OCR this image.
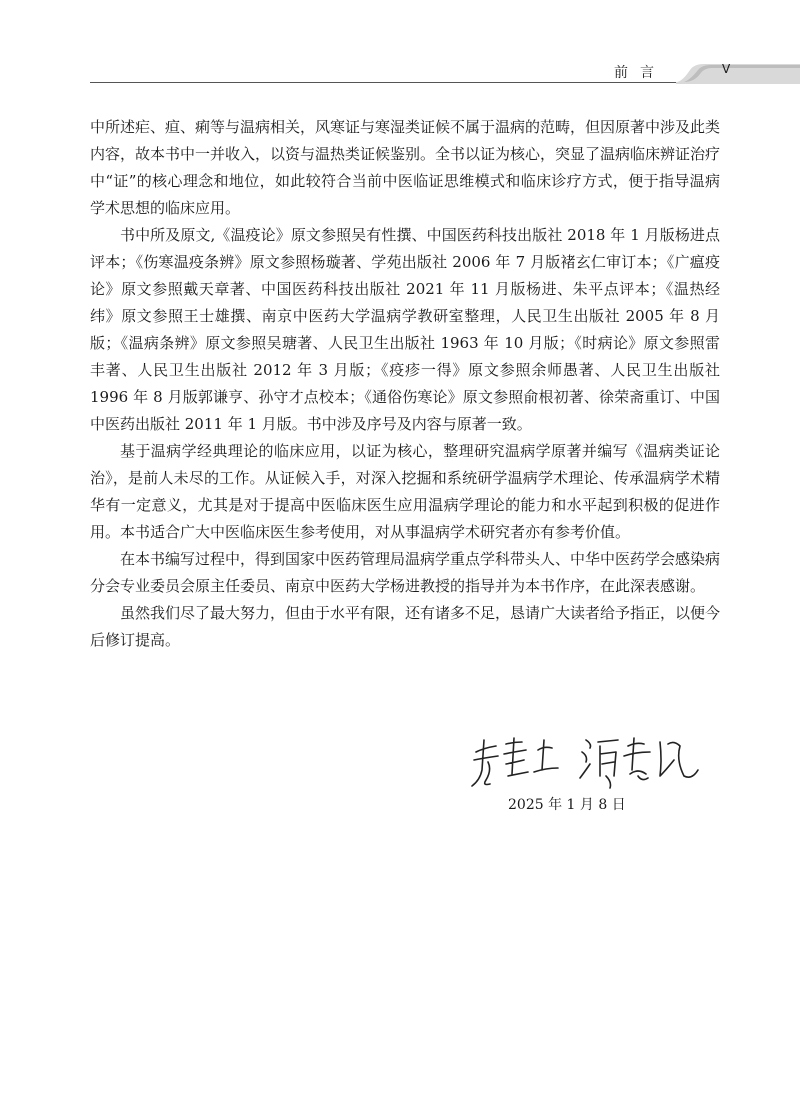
前言	V

中所述疟、疸、痢等与温病相关，风寒证与寒湿类证候不属于温病的范畴，但因原著中涉及此类内容，故本书中一并收入，以资与温热类证候鉴别。全书以证为核心，突显了温病临床辨证治疗中“证”的核心理念和地位，如此较符合当前中医临证思维模式和临床诊疗方式，便于指导温病学术思想的临床应用。

书中所及原文,《温疫论》原文参照吴有性撰、中国医药科技出版社 2018 年 1 月版杨进点评本；《伤寒温疫条辨》原文参照杨璇著、学苑出版社 2006 年 7 月版褚玄仁审订本；《广瘟疫论》原文参照戴天章著、中国医药科技出版社 2021 年 11 月版杨进、朱平点评本；《温热经纬》原文参照王士雄撰、南京中医药大学温病学教研室整理，人民卫生出版社 2005 年 8 月版；《温病条辨》原文参照吴瑭著、人民卫生出版社 1963 年 10 月版；《时病论》原文参照雷丰著、人民卫生出版社 2012 年 3 月版；《疫疹一得》原文参照余师愚著、人民卫生出版社 1996 年 8 月版郭谦亨、孙守才点校本；《通俗伤寒论》原文参照俞根初著、徐荣斋重订、中国中医药出版社 2011 年 1 月版。书中涉及序号及内容与原著一致。

基于温病学经典理论的临床应用，以证为核心，整理研究温病学原著并编写《温病类证论治》，是前人未尽的工作。从证候入手，对深入挖掘和系统研学温病学术理论、传承温病学术精华有一定意义，尤其是对于提高中医临床医生应用温病学理论的能力和水平起到积极的促进作用。本书适合广大中医临床医生参考使用，对从事温病学术研究者亦有参考价值。

在本书编写过程中，得到国家中医药管理局温病学重点学科带头人、中华中医药学会感染病分会专业委员会原主任委员、南京中医药大学杨进教授的指导并为本书作序，在此深表感谢。

虽然我们尽了最大努力，但由于水平有限，还有诸多不足，恳请广大读者给予指正，以便今后修订提高。

2025 年 1 月 8 日
